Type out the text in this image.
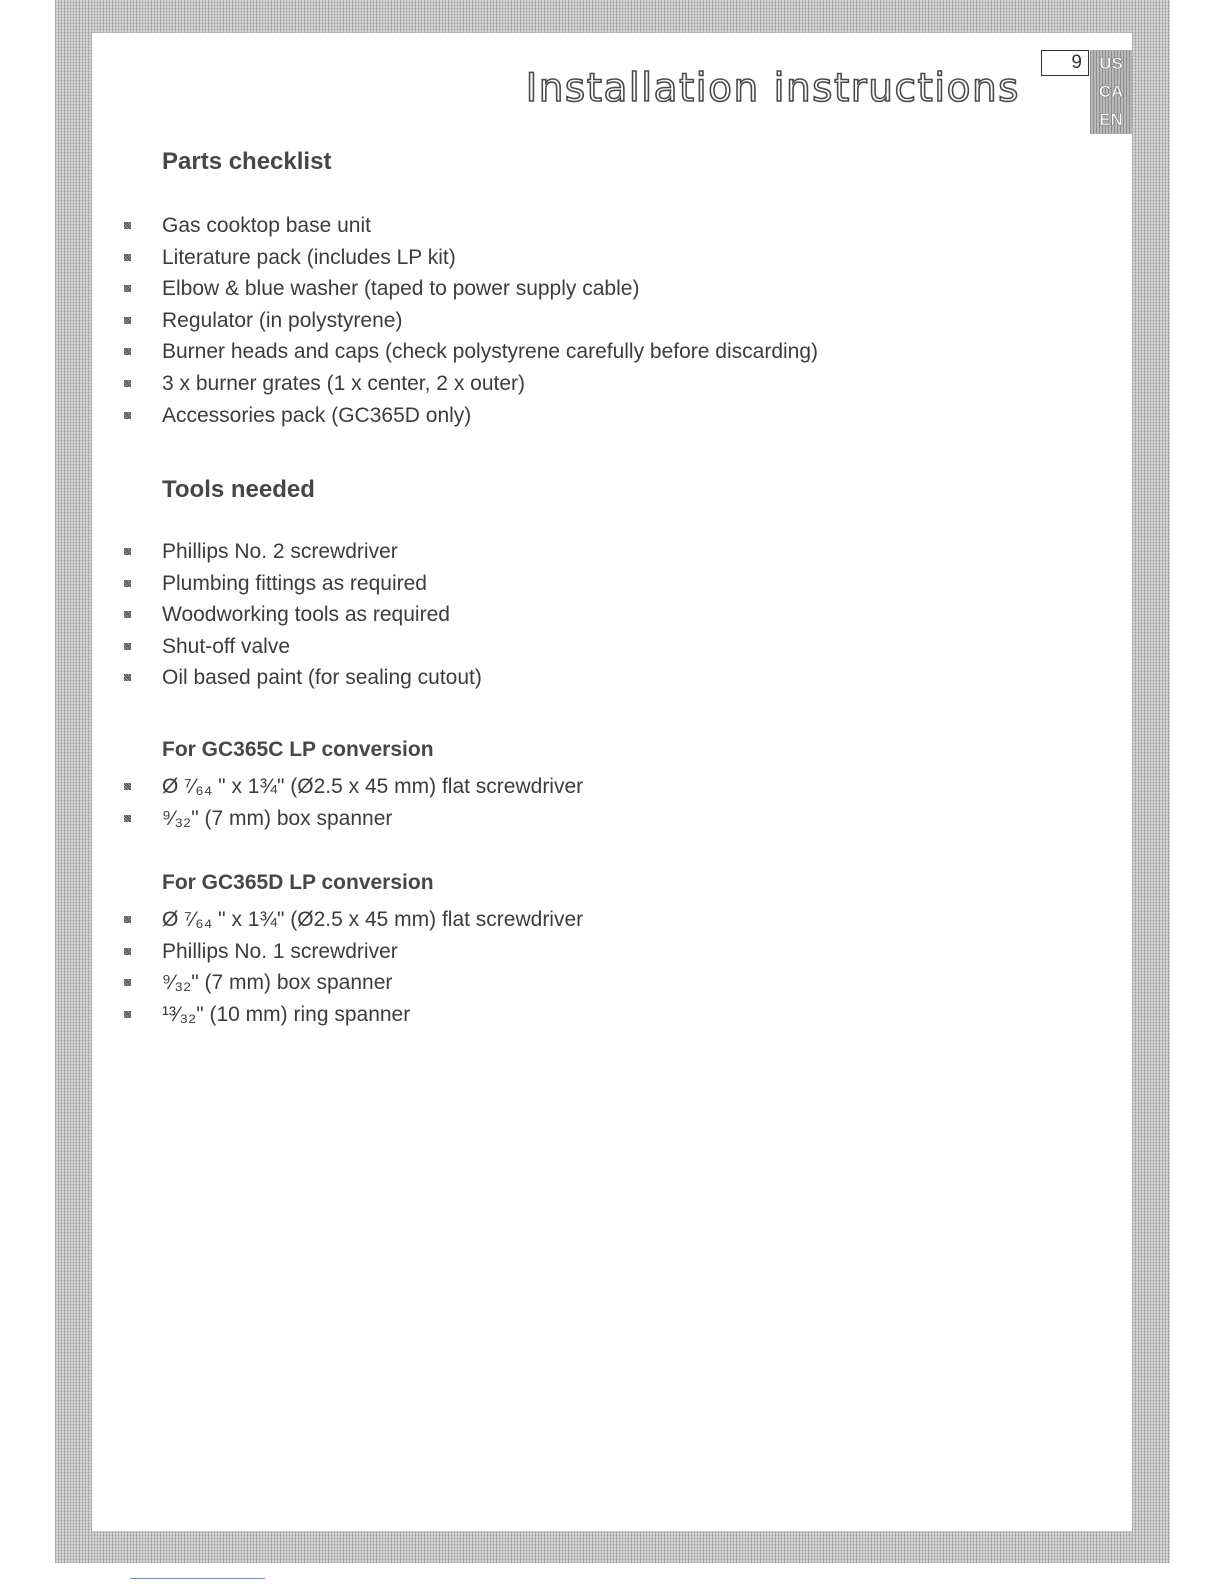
Installation instructions
9	US
CA
EN
Parts checklist
Gas cooktop base unit
Literature pack (includes LP kit)
Elbow & blue washer (taped to power supply cable)
Regulator (in polystyrene)
Burner heads and caps (check polystyrene carefully before discarding)
3 x burner grates (1 x center, 2 x outer)
Accessories pack (GC365D only)
Tools needed
Phillips No. 2 screwdriver
Plumbing fittings as required
Woodworking tools as required
Shut-off valve
Oil based paint (for sealing cutout)
For GC365C LP conversion
Ø ⁷⁄₆₄ " x 1¾" (Ø2.5 x 45 mm) flat screwdriver
⁹⁄₃₂" (7 mm) box spanner
For GC365D LP conversion
Ø ⁷⁄₆₄ " x 1¾" (Ø2.5 x 45 mm) flat screwdriver
Phillips No. 1 screwdriver
⁹⁄₃₂" (7 mm) box spanner
¹³⁄₃₂" (10 mm) ring spanner
